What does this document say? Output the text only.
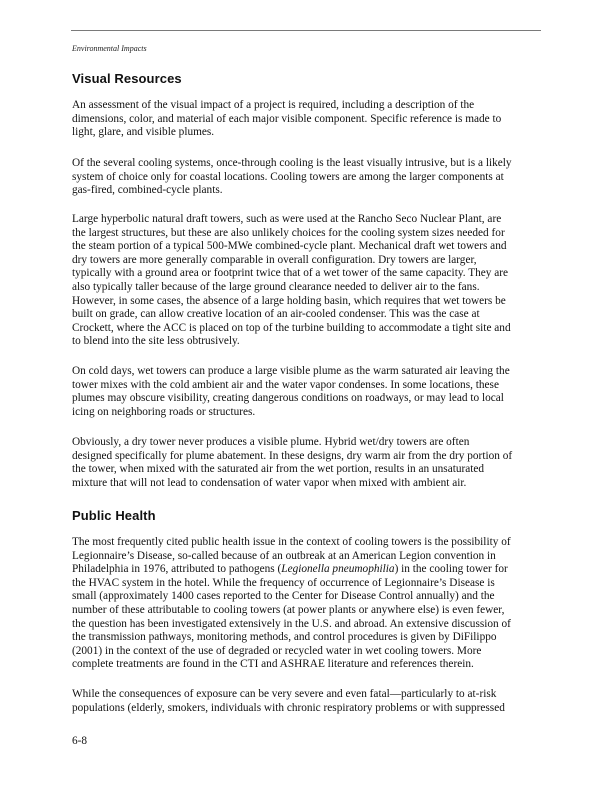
Environmental Impacts
Visual Resources
An assessment of the visual impact of a project is required, including a description of the
dimensions, color, and material of each major visible component. Specific reference is made to
light, glare, and visible plumes.
Of the several cooling systems, once-through cooling is the least visually intrusive, but is a likely
system of choice only for coastal locations. Cooling towers are among the larger components at
gas-fired, combined-cycle plants.
Large hyperbolic natural draft towers, such as were used at the Rancho Seco Nuclear Plant, are
the largest structures, but these are also unlikely choices for the cooling system sizes needed for
the steam portion of a typical 500-MWe combined-cycle plant. Mechanical draft wet towers and
dry towers are more generally comparable in overall configuration. Dry towers are larger,
typically with a ground area or footprint twice that of a wet tower of the same capacity. They are
also typically taller because of the large ground clearance needed to deliver air to the fans.
However, in some cases, the absence of a large holding basin, which requires that wet towers be
built on grade, can allow creative location of an air-cooled condenser. This was the case at
Crockett, where the ACC is placed on top of the turbine building to accommodate a tight site and
to blend into the site less obtrusively.
On cold days, wet towers can produce a large visible plume as the warm saturated air leaving the
tower mixes with the cold ambient air and the water vapor condenses. In some locations, these
plumes may obscure visibility, creating dangerous conditions on roadways, or may lead to local
icing on neighboring roads or structures.
Obviously, a dry tower never produces a visible plume. Hybrid wet/dry towers are often
designed specifically for plume abatement. In these designs, dry warm air from the dry portion of
the tower, when mixed with the saturated air from the wet portion, results in an unsaturated
mixture that will not lead to condensation of water vapor when mixed with ambient air.
Public Health
The most frequently cited public health issue in the context of cooling towers is the possibility of
Legionnaire’s Disease, so-called because of an outbreak at an American Legion convention in
Philadelphia in 1976, attributed to pathogens (Legionella pneumophilia) in the cooling tower for
the HVAC system in the hotel. While the frequency of occurrence of Legionnaire’s Disease is
small (approximately 1400 cases reported to the Center for Disease Control annually) and the
number of these attributable to cooling towers (at power plants or anywhere else) is even fewer,
the question has been investigated extensively in the U.S. and abroad. An extensive discussion of
the transmission pathways, monitoring methods, and control procedures is given by DiFilippo
(2001) in the context of the use of degraded or recycled water in wet cooling towers. More
complete treatments are found in the CTI and ASHRAE literature and references therein.
While the consequences of exposure can be very severe and even fatal—particularly to at-risk
populations (elderly, smokers, individuals with chronic respiratory problems or with suppressed
6-8
